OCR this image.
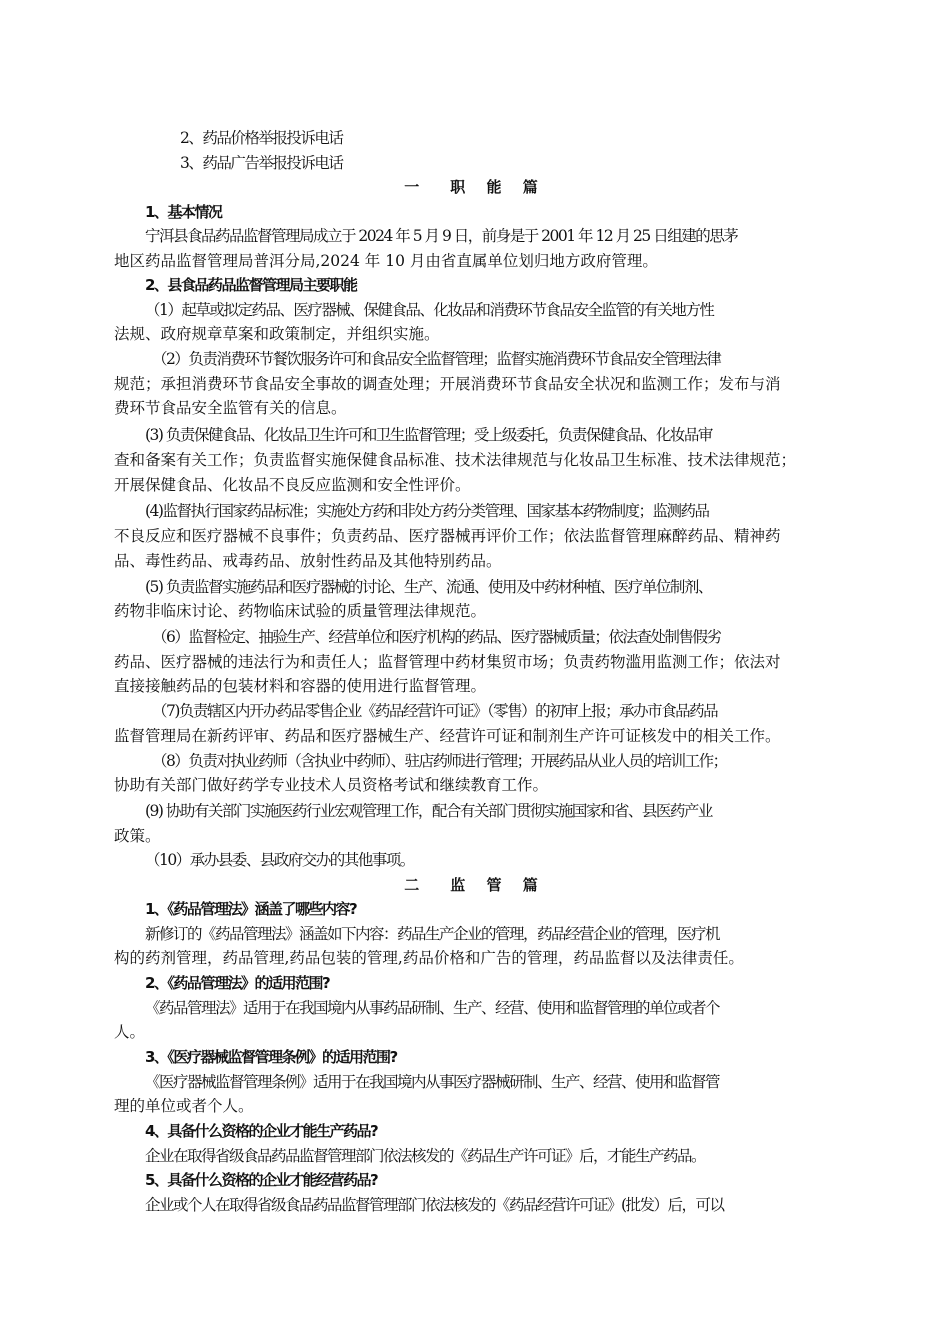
2、药品价格举报投诉电话
3、药品广告举报投诉电话
一　职 能 篇
1、基本情况
宁洱县食品药品监督管理局成立于 2024 年 5 月 9 日，前身是于 2001 年 12 月 25 日组建的思茅
地区药品监督管理局普洱分局,2024 年 10 月由省直属单位划归地方政府管理。
2、县食品药品监督管理局主要职能
（1）起草或拟定药品、医疗器械、保健食品、化妆品和消费环节食品安全监管的有关地方性
法规、政府规章草案和政策制定，并组织实施。
（2）负责消费环节餐饮服务许可和食品安全监督管理；监督实施消费环节食品安全管理法律
规范；承担消费环节食品安全事故的调查处理；开展消费环节食品安全状况和监测工作；发布与消
费环节食品安全监管有关的信息。
(3) 负责保健食品、化妆品卫生许可和卫生监督管理；受上级委托，负责保健食品、化妆品审
查和备案有关工作；负责监督实施保健食品标准、技术法律规范与化妆品卫生标准、技术法律规范；
开展保健食品、化妆品不良反应监测和安全性评价。
(4)监督执行国家药品标准；实施处方药和非处方药分类管理、国家基本药物制度；监测药品
不良反应和医疗器械不良事件；负责药品、医疗器械再评价工作；依法监督管理麻醉药品、精神药
品、毒性药品、戒毒药品、放射性药品及其他特别药品。
(5) 负责监督实施药品和医疗器械的讨论、生产、流通、使用及中药材种植、医疗单位制剂、
药物非临床讨论、药物临床试验的质量管理法律规范。
（6）监督检定、抽验生产、经营单位和医疗机构的药品、医疗器械质量；依法查处制售假劣
药品、医疗器械的违法行为和责任人；监督管理中药材集贸市场；负责药物滥用监测工作；依法对
直接接触药品的包装材料和容器的使用进行监督管理。
（7)负责辖区内开办药品零售企业《药品经营许可证》（零售）的初审上报；承办市食品药品
监督管理局在新药评审、药品和医疗器械生产、经营许可证和制剂生产许可证核发中的相关工作。
（8）负责对执业药师（含执业中药师）、驻店药师进行管理；开展药品从业人员的培训工作；
协助有关部门做好药学专业技术人员资格考试和继续教育工作。
(9) 协助有关部门实施医药行业宏观管理工作，配合有关部门贯彻实施国家和省、县医药产业
政策。
（10）承办县委、县政府交办的其他事项。
二　监 管 篇
1、《药品管理法》涵盖了哪些内容?
新修订的《药品管理法》涵盖如下内容：药品生产企业的管理，药品经营企业的管理，医疗机
构的药剂管理，药品管理,药品包装的管理,药品价格和广告的管理，药品监督以及法律责任。
2、《药品管理法》的适用范围?
《药品管理法》适用于在我国境内从事药品研制、生产、经营、使用和监督管理的单位或者个
人。
3、《医疗器械监督管理条例》的适用范围?
《医疗器械监督管理条例》适用于在我国境内从事医疗器械研制、生产、经营、使用和监督管
理的单位或者个人。
4、具备什么资格的企业才能生产药品?
企业在取得省级食品药品监督管理部门依法核发的《药品生产许可证》后，才能生产药品。
5、具备什么资格的企业才能经营药品?
企业或个人在取得省级食品药品监督管理部门依法核发的《药品经营许可证》(批发）后，可以
